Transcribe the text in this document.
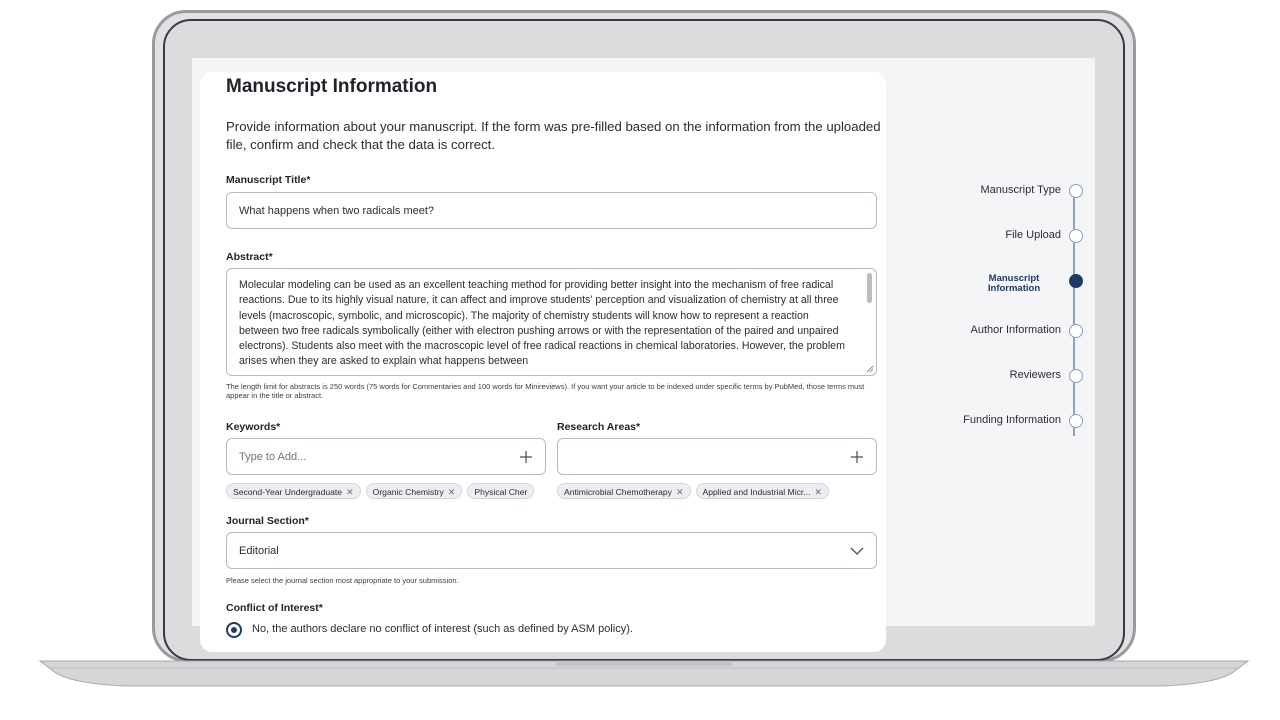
Manuscript Information

Provide information about your manuscript. If the form was pre-filled based on the information from the uploaded file, confirm and check that the data is correct.

Manuscript Title*
What happens when two radicals meet?
Abstract*

Molecular modeling can be used as an excellent teaching method for providing better insight into the mechanism of free radical reactions. Due to its highly visual nature, it can affect and improve students' perception and visualization of chemistry at all three levels (macroscopic, symbolic, and microscopic). The majority of chemistry students will know how to represent a reaction between two free radicals symbolically (either with electron pushing arrows or with the representation of the paired and unpaired electrons). Students also meet with the macroscopic level of free radical reactions in chemical laboratories. However, the problem arises when they are asked to explain what happens between

The length limit for abstracts is 250 words (75 words for Commentaries and 100 words for Minireviews). If you want your article to be indexed under specific terms by PubMed, those terms must appear in the title or abstract.
Keywords*
Type to Add...
Second-Year Undergraduate ✕ Organic Chemistry ✕ Physical Cher
Research Areas*
Antimicrobial Chemotherapy ✕ Applied and Industrial Micr... ✕
Journal Section*
Editorial
Please select the journal section most appropriate to your submission.
Conflict of Interest*
No, the authors declare no conflict of interest (such as defined by ASM policy).
Manuscript Type
File Upload
Manuscript Information
Author Information
Reviewers
Funding Information
